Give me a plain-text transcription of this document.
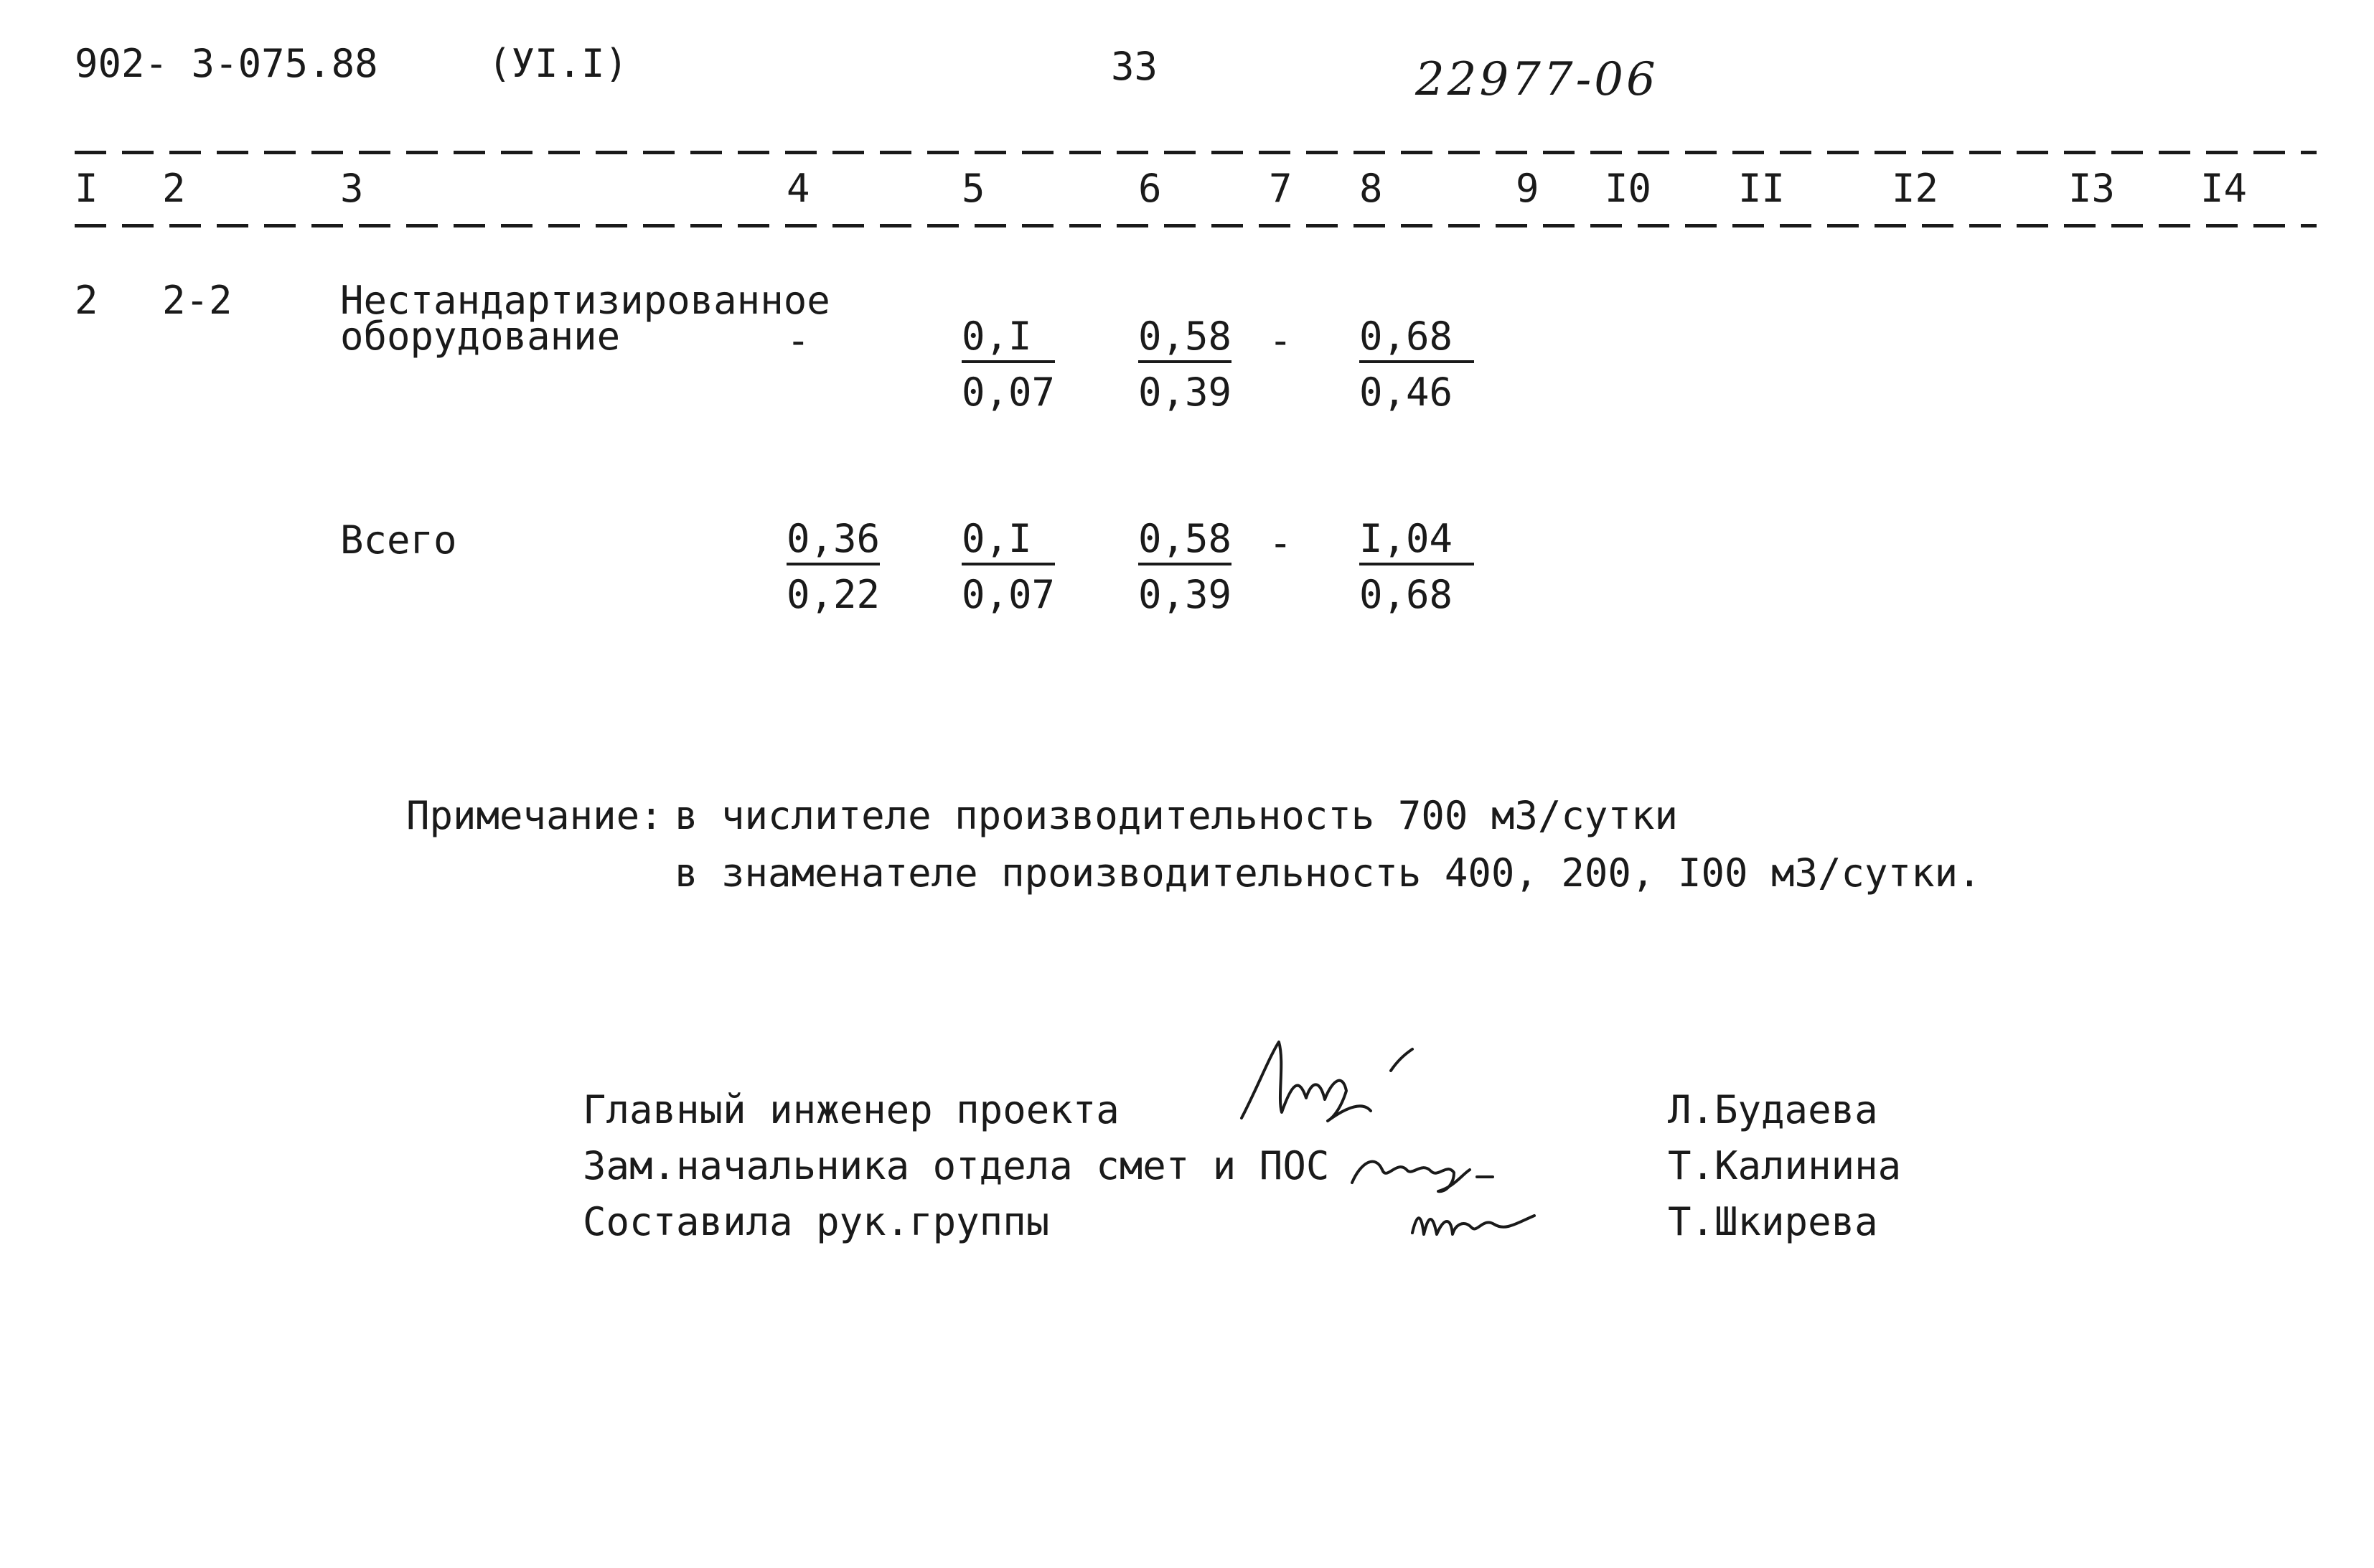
902- 3-075.88	(УI.I)	33	22977-06
I 2	3	4	5	6	7 8	9 I0 II	I2	I3 I4
2 2-2	Нестандартизированное
оборудование	-	$\frac{0,I}{0,07} \frac{0,58}{0,39} - \frac{0,68}{0,46}$
Всего	$\frac{0,36}{0,22} \frac{0,I}{0,07} \frac{0,58}{0,39} - \frac{I,04}{0,68}$
Примечание: в числителе производительность 700 м3/сутки
в знаменателе производительность 400, 200, I00 м3/сутки.
Главный инженер проекта
Зам.начальника отдела смет и ПОС
Составила рук.группы
Л.Будаева
Т.Калинина
Т.Шкирева
